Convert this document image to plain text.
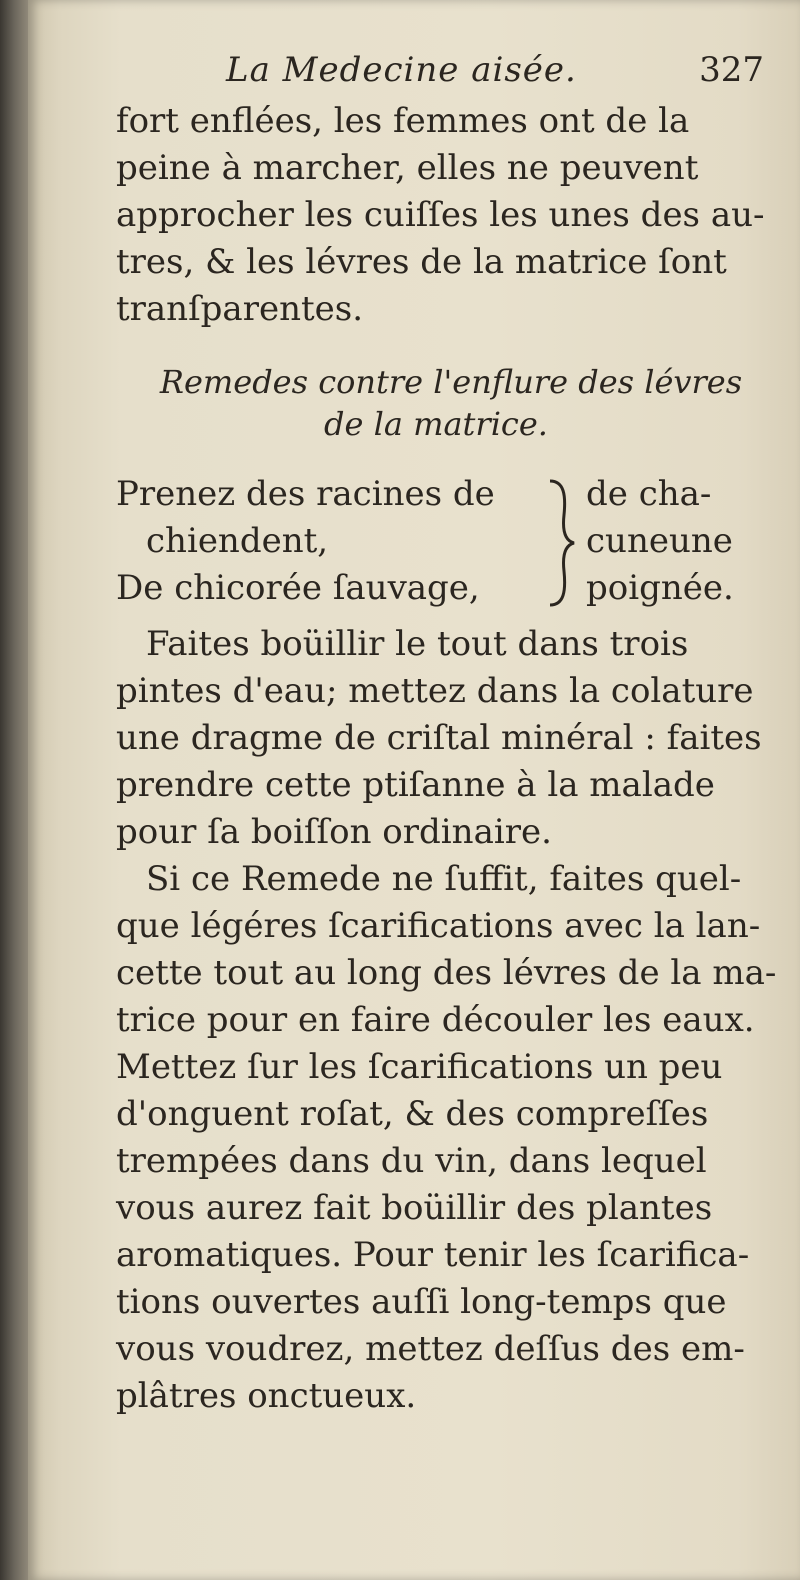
La Medecine aisée.	327

fort enflées, les femmes ont de la
peine à marcher, elles ne peuvent
approcher les cuiſſes les unes des au-
tres, & les lévres de la matrice ſont
tranſparentes.

Remedes contre l'enflure des lévres
de la matrice.
Prenez des racines de
chiendent,
De chicorée ſauvage,
de cha-
cuneune
poignée.

Faites boüillir le tout dans trois
pintes d'eau; mettez dans la colature
une dragme de criſtal minéral : faites
prendre cette ptiſanne à la malade
pour ſa boiſſon ordinaire.

Si ce Remede ne ſuffit, faites quel-
que légéres ſcarifications avec la lan-
cette tout au long des lévres de la ma-
trice pour en faire découler les eaux.
Mettez ſur les ſcarifications un peu
d'onguent roſat, & des compreſſes
trempées dans du vin, dans lequel
vous aurez fait boüillir des plantes
aromatiques. Pour tenir les ſcarifica-
tions ouvertes auſſi long-temps que
vous voudrez, mettez deſſus des em-
plâtres onctueux.
